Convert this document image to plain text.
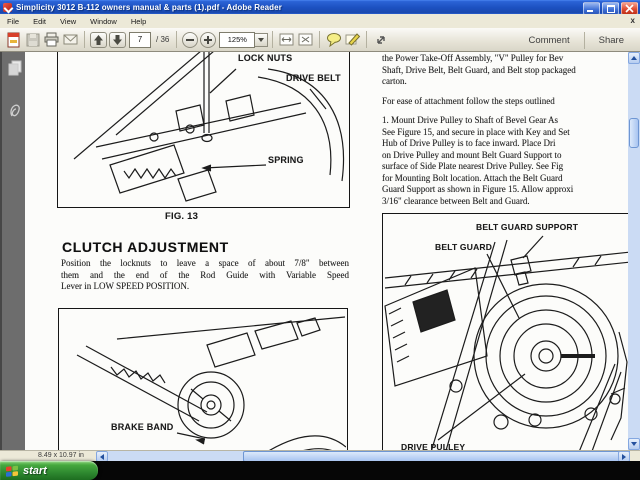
Simplicity 3012 B-112 owners manual & parts (1).pdf - Adobe Reader
File	Edit	View	Window	Help	x
7	/ 36	125%	Comment	Share
LOCK NUTS
DRIVE BELT
SPRING
FIG. 13
CLUTCH ADJUSTMENT
Position the locknuts to leave a space of about 7/8" between
them and the end of the Rod Guide with Variable Speed
Lever in LOW SPEED POSITION.
BRAKE BAND
the Power Take-Off Assembly, "V" Pulley for Bev
Shaft, Drive Belt, Belt Guard, and Belt stop packaged
carton.
For ease of attachment follow the steps outlined
1. Mount Drive Pulley to Shaft of Bevel Gear As
See Figure 15, and secure in place with Key and Set
Hub of Drive Pulley is to face inward. Place Dri
on Drive Pulley and mount Belt Guard Support to
surface of Side Plate nearest Drive Pulley. See Fig
for Mounting Bolt location. Attach the Belt Guard
Guard Support as shown in Figure 15. Allow approxi
3/16" clearance between Belt and Guard.
BELT GUARD SUPPORT
BELT GUARD
DRIVE PULLEY
8.49 x 10.97 in
start
